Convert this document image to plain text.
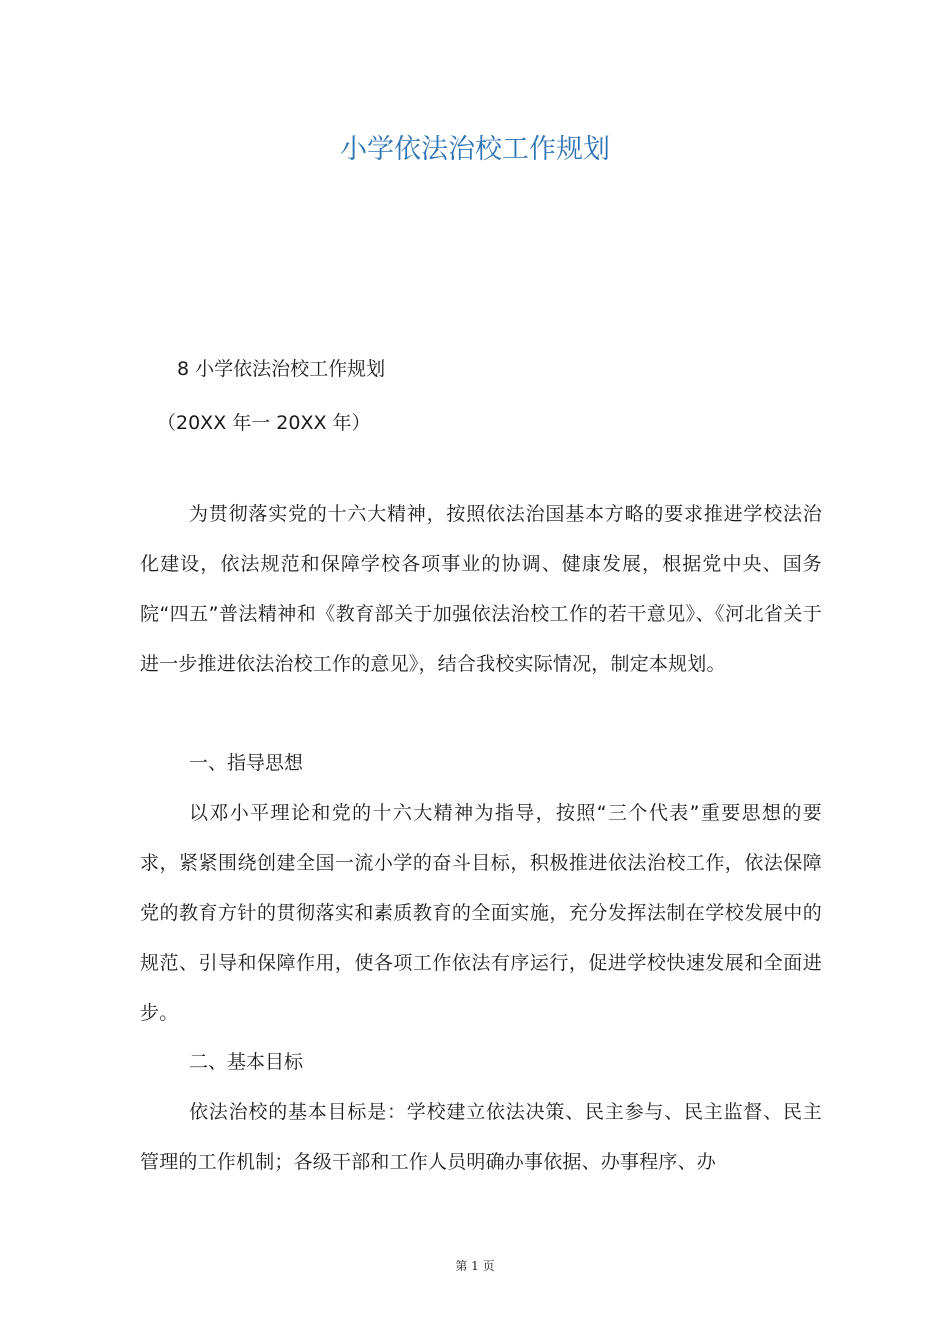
小学依法治校工作规划

8 小学依法治校工作规划

（20XX 年一 20XX 年）

为贯彻落实党的十六大精神，按照依法治国基本方略的要求推进学校法治化建设，依法规范和保障学校各项事业的协调、健康发展，根据党中央、国务院“四五”普法精神和《教育部关于加强依法治校工作的若干意见》、《河北省关于进一步推进依法治校工作的意见》，结合我校实际情况，制定本规划。

一、指导思想

以邓小平理论和党的十六大精神为指导，按照“三个代表”重要思想的要求，紧紧围绕创建全国一流小学的奋斗目标，积极推进依法治校工作，依法保障党的教育方针的贯彻落实和素质教育的全面实施，充分发挥法制在学校发展中的规范、引导和保障作用，使各项工作依法有序运行，促进学校快速发展和全面进步。

二、基本目标

依法治校的基本目标是：学校建立依法决策、民主参与、民主监督、民主管理的工作机制；各级干部和工作人员明确办事依据、办事程序、办

第 1 页
